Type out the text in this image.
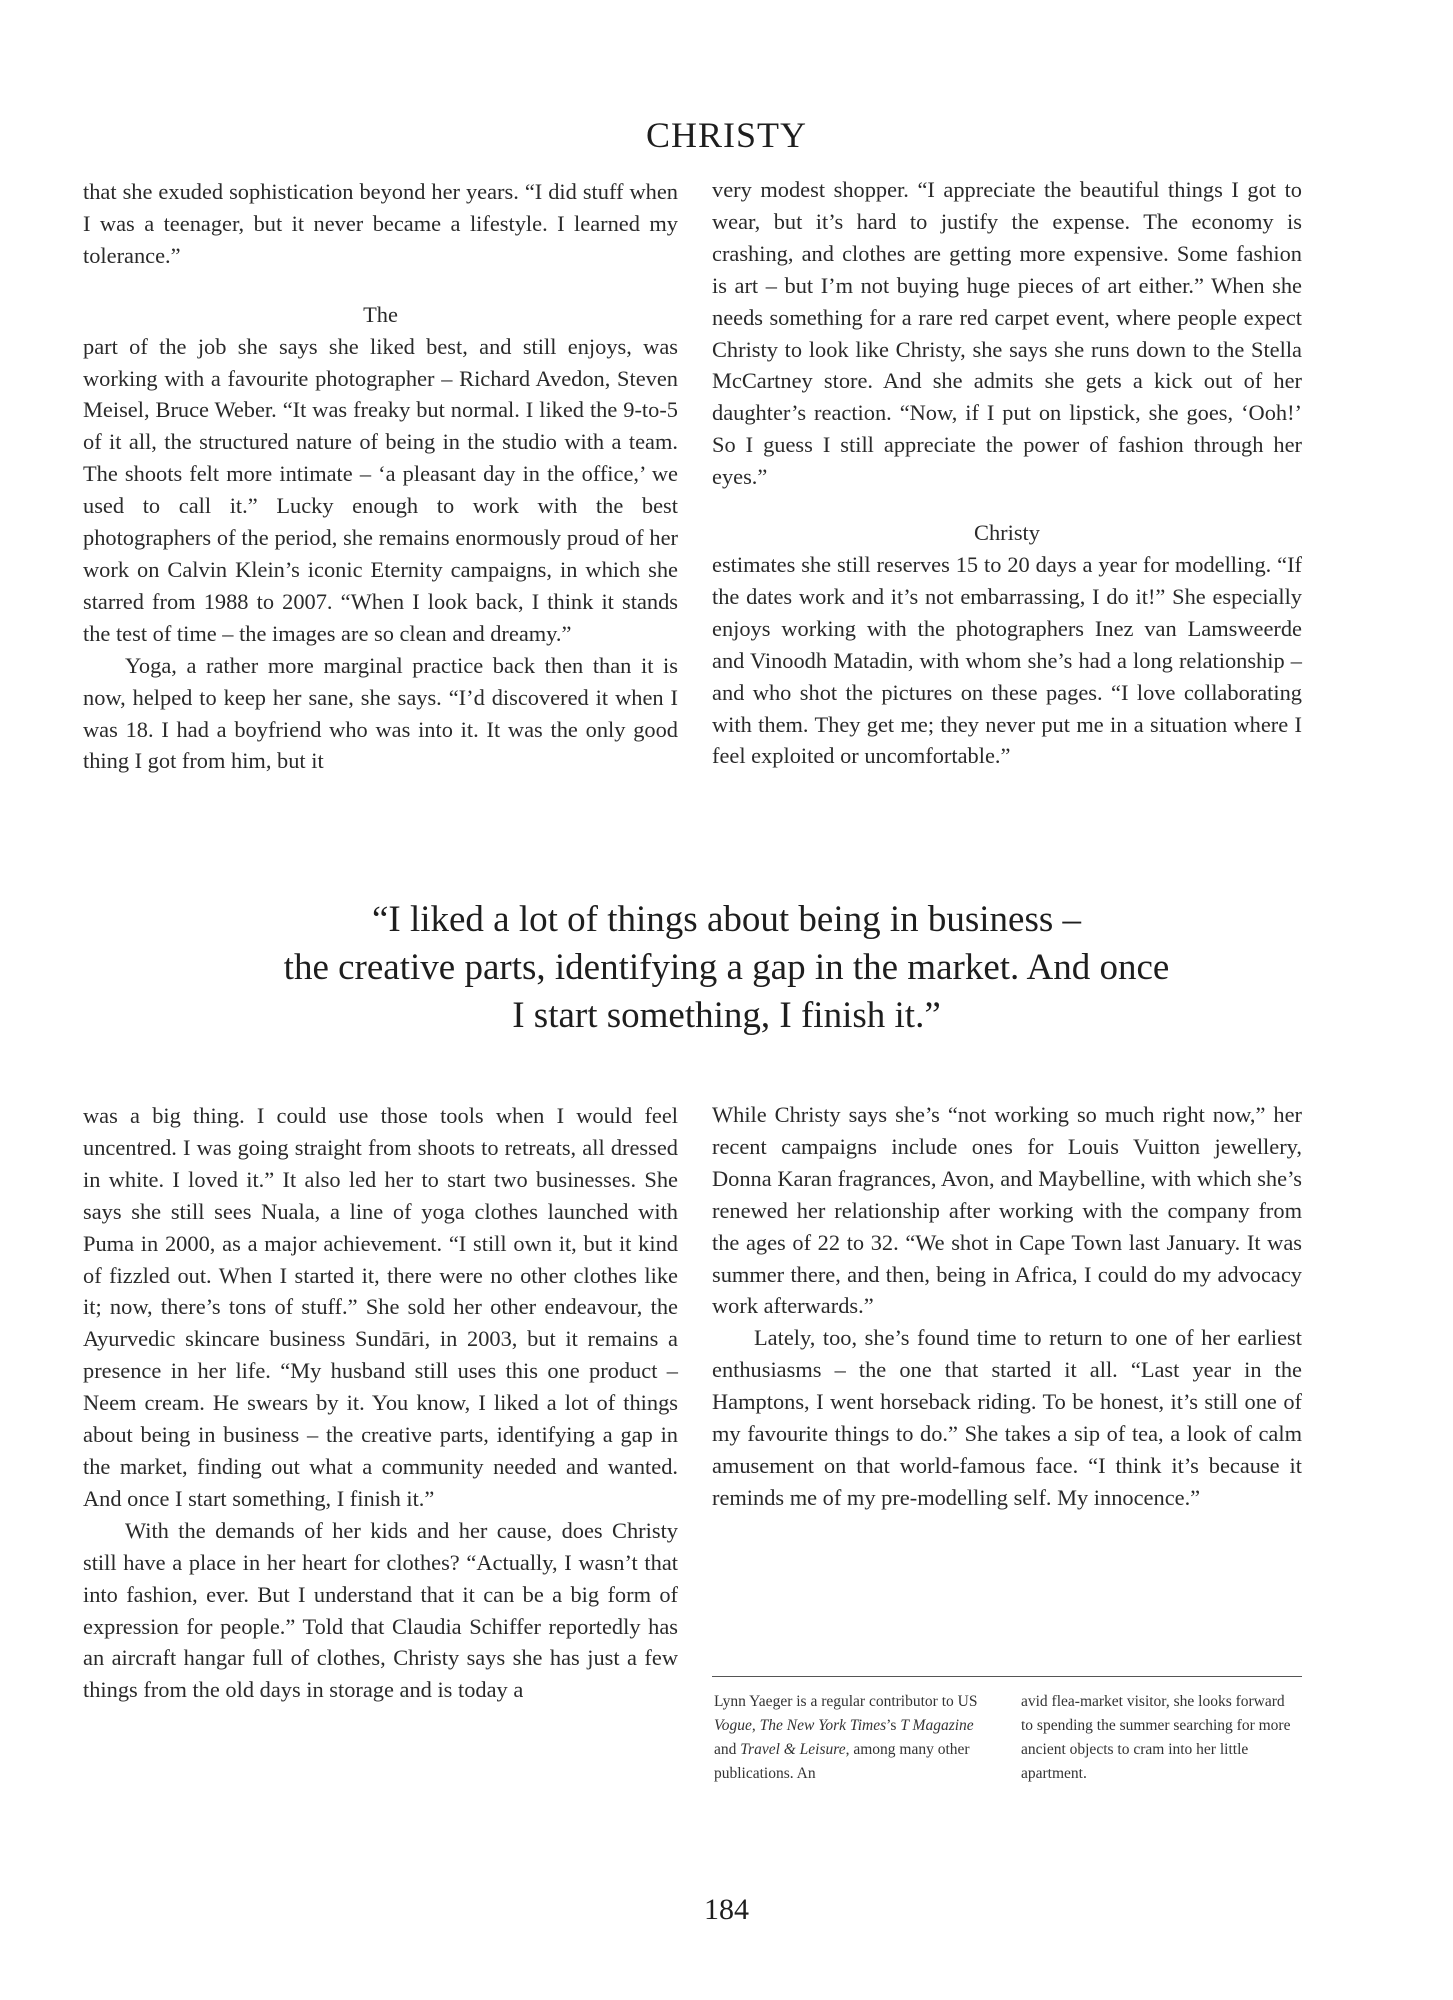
CHRISTY

that she exuded sophistication beyond her years. “I did stuff when I was a teenager, but it never became a lifestyle. I learned my tolerance.”

The

part of the job she says she liked best, and still enjoys, was working with a favourite photographer – Richard Avedon, Steven Meisel, Bruce Weber. “It was freaky but normal. I liked the 9-to-5 of it all, the structured nature of being in the studio with a team. The shoots felt more intimate – ‘a pleasant day in the office,’ we used to call it.” Lucky enough to work with the best photographers of the period, she remains enormously proud of her work on Calvin Klein’s iconic Eternity campaigns, in which she starred from 1988 to 2007. “When I look back, I think it stands the test of time – the images are so clean and dreamy.”

Yoga, a rather more marginal practice back then than it is now, helped to keep her sane, she says. “I’d discovered it when I was 18. I had a boyfriend who was into it. It was the only good thing I got from him, but it

very modest shopper. “I appreciate the beautiful things I got to wear, but it’s hard to justify the expense. The economy is crashing, and clothes are getting more expensive. Some fashion is art – but I’m not buying huge pieces of art either.” When she needs something for a rare red carpet event, where people expect Christy to look like Christy, she says she runs down to the Stella McCartney store. And she admits she gets a kick out of her daughter’s reaction. “Now, if I put on lipstick, she goes, ‘Ooh!’ So I guess I still appreciate the power of fashion through her eyes.”

Christy

estimates she still reserves 15 to 20 days a year for modelling. “If the dates work and it’s not embarrassing, I do it!” She especially enjoys working with the photographers Inez van Lamsweerde and Vinoodh Matadin, with whom she’s had a long relationship – and who shot the pictures on these pages. “I love collaborating with them. They get me; they never put me in a situation where I feel exploited or uncomfortable.”

“I liked a lot of things about being in business –
the creative parts, identifying a gap in the market. And once
I start something, I finish it.”

was a big thing. I could use those tools when I would feel uncentred. I was going straight from shoots to retreats, all dressed in white. I loved it.” It also led her to start two businesses. She says she still sees Nuala, a line of yoga clothes launched with Puma in 2000, as a major achievement. “I still own it, but it kind of fizzled out. When I started it, there were no other clothes like it; now, there’s tons of stuff.” She sold her other endeavour, the Ayurvedic skincare business Sundāri, in 2003, but it remains a presence in her life. “My husband still uses this one product – Neem cream. He swears by it. You know, I liked a lot of things about being in business – the creative parts, identifying a gap in the market, finding out what a community needed and wanted. And once I start something, I finish it.”

With the demands of her kids and her cause, does Christy still have a place in her heart for clothes? “Actually, I wasn’t that into fashion, ever. But I understand that it can be a big form of expression for people.” Told that Claudia Schiffer reportedly has an aircraft hangar full of clothes, Christy says she has just a few things from the old days in storage and is today a

While Christy says she’s “not working so much right now,” her recent campaigns include ones for Louis Vuitton jewellery, Donna Karan fragrances, Avon, and Maybelline, with which she’s renewed her relationship after working with the company from the ages of 22 to 32. “We shot in Cape Town last January. It was summer there, and then, being in Africa, I could do my advocacy work afterwards.”

Lately, too, she’s found time to return to one of her earliest enthusiasms – the one that started it all. “Last year in the Hamptons, I went horseback riding. To be honest, it’s still one of my favourite things to do.” She takes a sip of tea, a look of calm amusement on that world-famous face. “I think it’s because it reminds me of my pre-modelling self. My innocence.”

Lynn Yaeger is a regular contributor to US Vogue, The New York Times’s T Magazine and Travel & Leisure, among many other publications. An

avid flea-market visitor, she looks forward to spending the summer searching for more ancient objects to cram into her little apartment.

184
